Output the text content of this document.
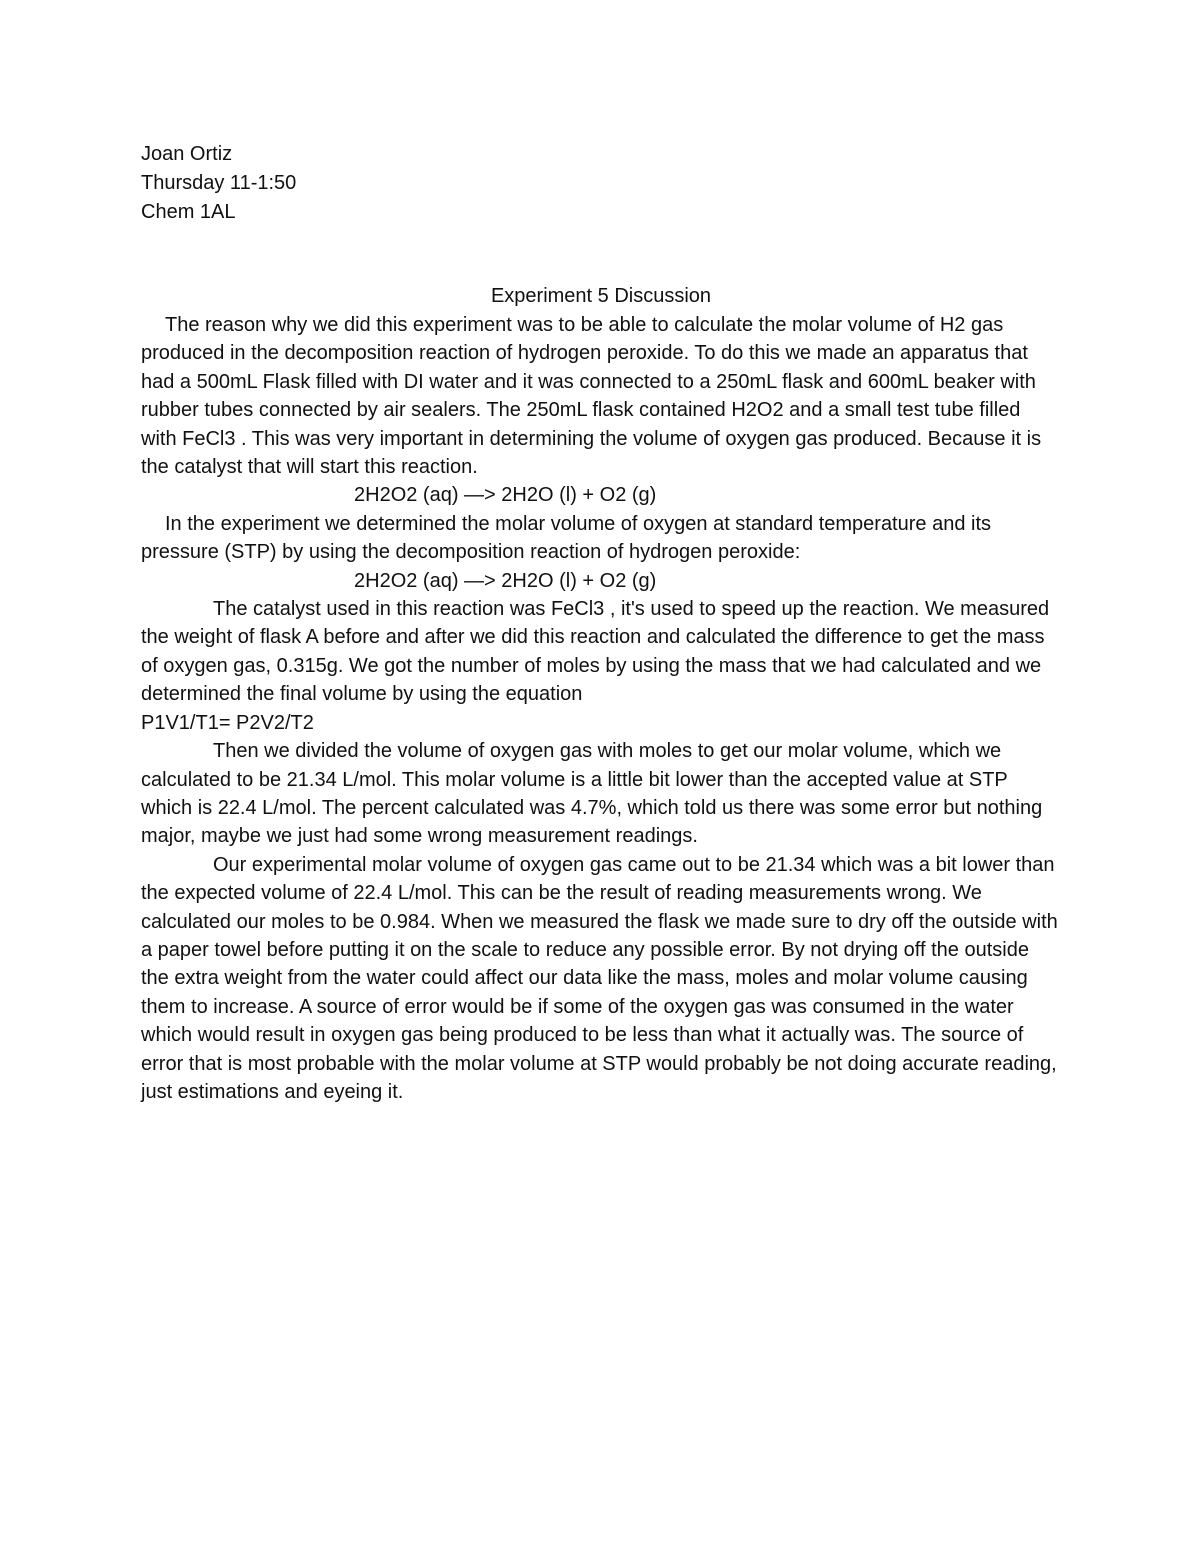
Joan Ortiz
Thursday 11-1:50
Chem 1AL
Experiment 5 Discussion

The reason why we did this experiment was to be able to calculate the molar volume of H2 gas produced in the decomposition reaction of hydrogen peroxide. To do this we made an apparatus that had a 500mL Flask filled with DI water and it was connected to a 250mL flask and 600mL beaker with rubber tubes connected by air sealers. The 250mL flask contained H2O2 and a small test tube filled with FeCl3 . This was very important in determining the volume of oxygen gas produced. Because it is the catalyst that will start this reaction.

2H2O2 (aq) —> 2H2O (l) + O2 (g)

In the experiment we determined the molar volume of oxygen at standard temperature and its pressure (STP) by using the decomposition reaction of hydrogen peroxide:

2H2O2 (aq) —> 2H2O (l) + O2 (g)

The catalyst used in this reaction was FeCl3 , it's used to speed up the reaction. We measured the weight of flask A before and after we did this reaction and calculated the difference to get the mass of oxygen gas, 0.315g. We got the number of moles by using the mass that we had calculated and we determined the final volume by using the equation

P1V1/T1= P2V2/T2

Then we divided the volume of oxygen gas with moles to get our molar volume, which we calculated to be 21.34 L/mol. This molar volume is a little bit lower than the accepted value at STP which is 22.4 L/mol. The percent calculated was 4.7%, which told us there was some error but nothing major, maybe we just had some wrong measurement readings.

Our experimental molar volume of oxygen gas came out to be 21.34 which was a bit lower than the expected volume of 22.4 L/mol. This can be the result of reading measurements wrong. We calculated our moles to be 0.984. When we measured the flask we made sure to dry off the outside with a paper towel before putting it on the scale to reduce any possible error. By not drying off the outside the extra weight from the water could affect our data like the mass, moles and molar volume causing them to increase. A source of error would be if some of the oxygen gas was consumed in the water which would result in oxygen gas being produced to be less than what it actually was. The source of error that is most probable with the molar volume at STP would probably be not doing accurate reading, just estimations and eyeing it.
